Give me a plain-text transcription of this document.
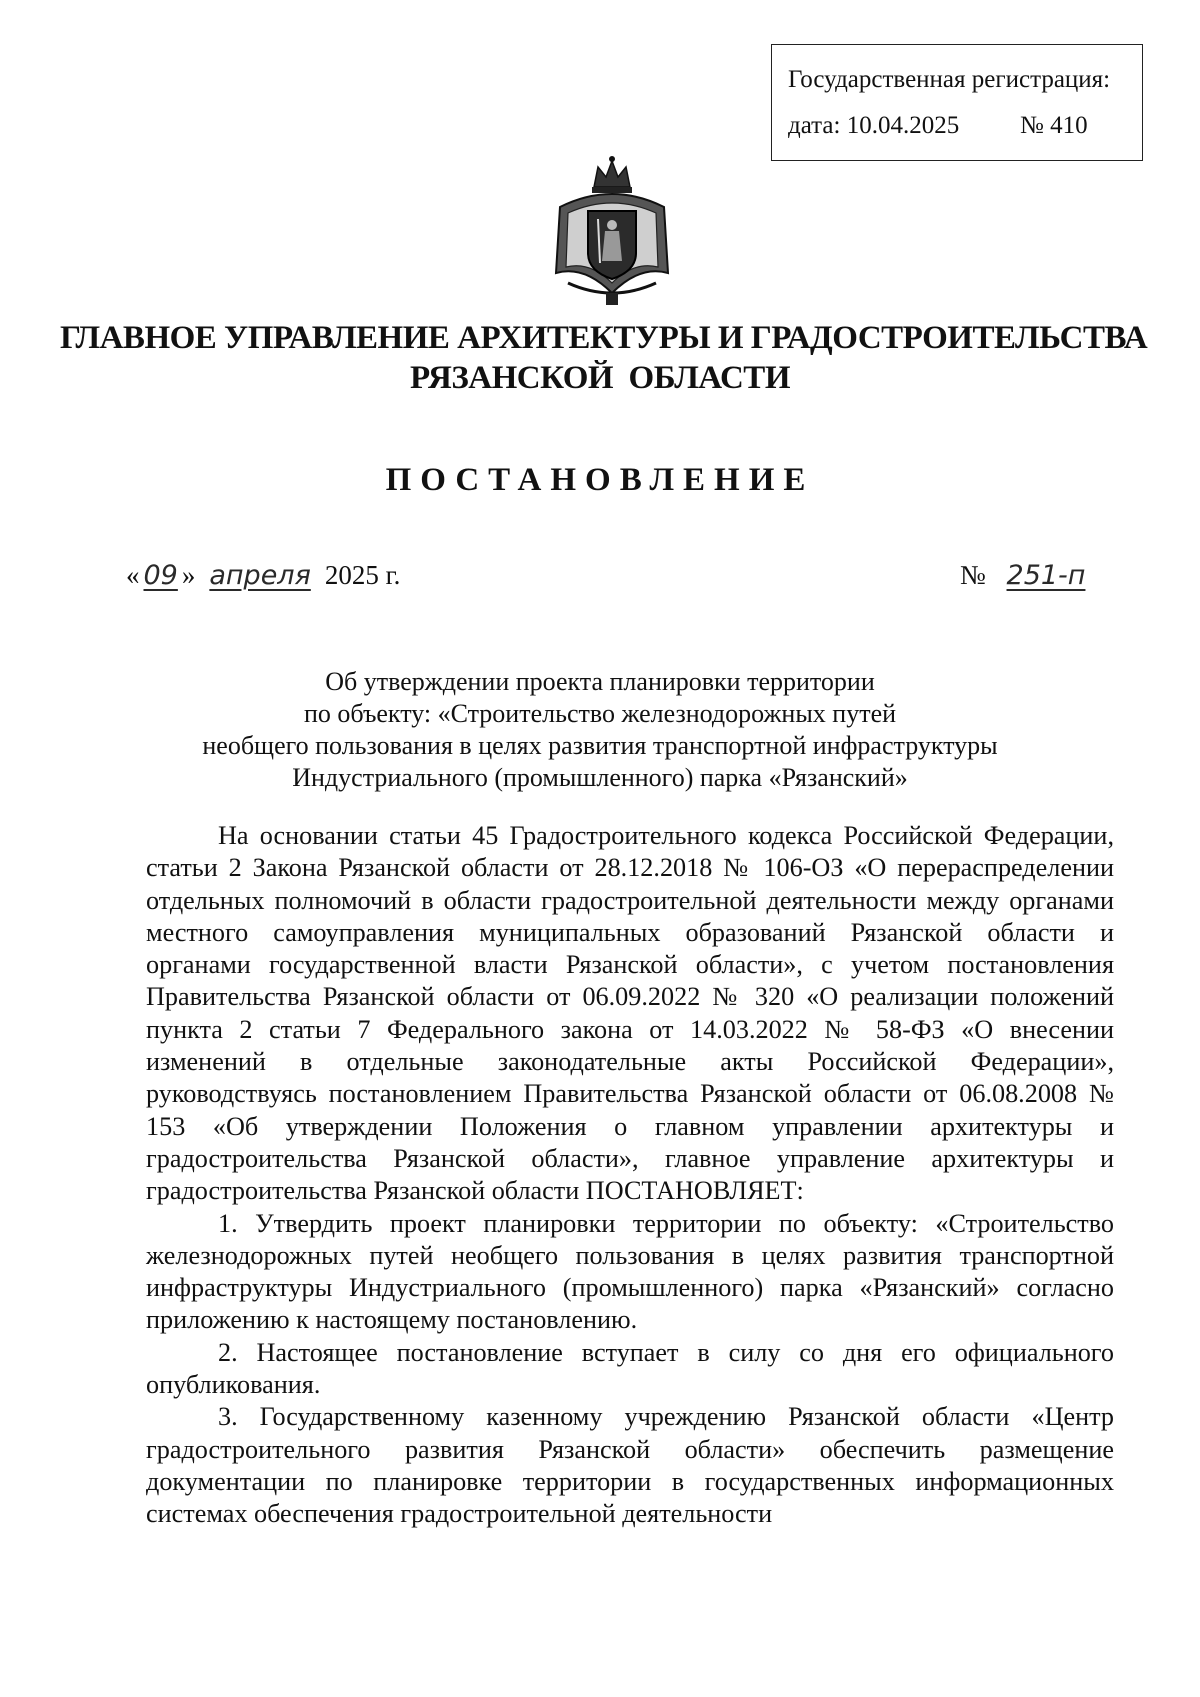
Государственная регистрация:
дата: 10.04.2025 № 410
ГЛАВНОЕ УПРАВЛЕНИЕ АРХИТЕКТУРЫ И ГРАДОСТРОИТЕЛЬСТВА
РЯЗАНСКОЙ  ОБЛАСТИ
ПОСТАНОВЛЕНИЕ
« 09 » апреля 2025 г.	№ 251-п
Об утверждении проекта планировки территории
по объекту: «Строительство железнодорожных путей
необщего пользования в целях развития транспортной инфраструктуры
Индустриального (промышленного) парка «Рязанский»

На основании статьи 45 Градостроительного кодекса Российской Федерации, статьи 2 Закона Рязанской области от 28.12.2018 № 106-ОЗ «О перераспределении отдельных полномочий в области градостроительной деятельности между органами местного самоуправления муниципальных образований Рязанской области и органами государственной власти Рязанской области», с учетом постановления Правительства Рязанской области от 06.09.2022 № 320 «О реализации положений пункта 2 статьи 7 Федерального закона от 14.03.2022 № 58-ФЗ «О внесении изменений в отдельные законодательные акты Российской Федерации», руководствуясь постановлением Правительства Рязанской области от 06.08.2008 № 153 «Об утверждении Положения о главном управлении архитектуры и градостроительства Рязанской области», главное управление архитектуры и градостроительства Рязанской области ПОСТАНОВЛЯЕТ:

1. Утвердить проект планировки территории по объекту: «Строительство железнодорожных путей необщего пользования в целях развития транспортной инфраструктуры Индустриального (промышленного) парка «Рязанский» согласно приложению к настоящему постановлению.

2. Настоящее постановление вступает в силу со дня его официального опубликования.

3. Государственному казенному учреждению Рязанской области «Центр градостроительного развития Рязанской области» обеспечить размещение документации по планировке территории в государственных информационных системах обеспечения градостроительной деятельности
